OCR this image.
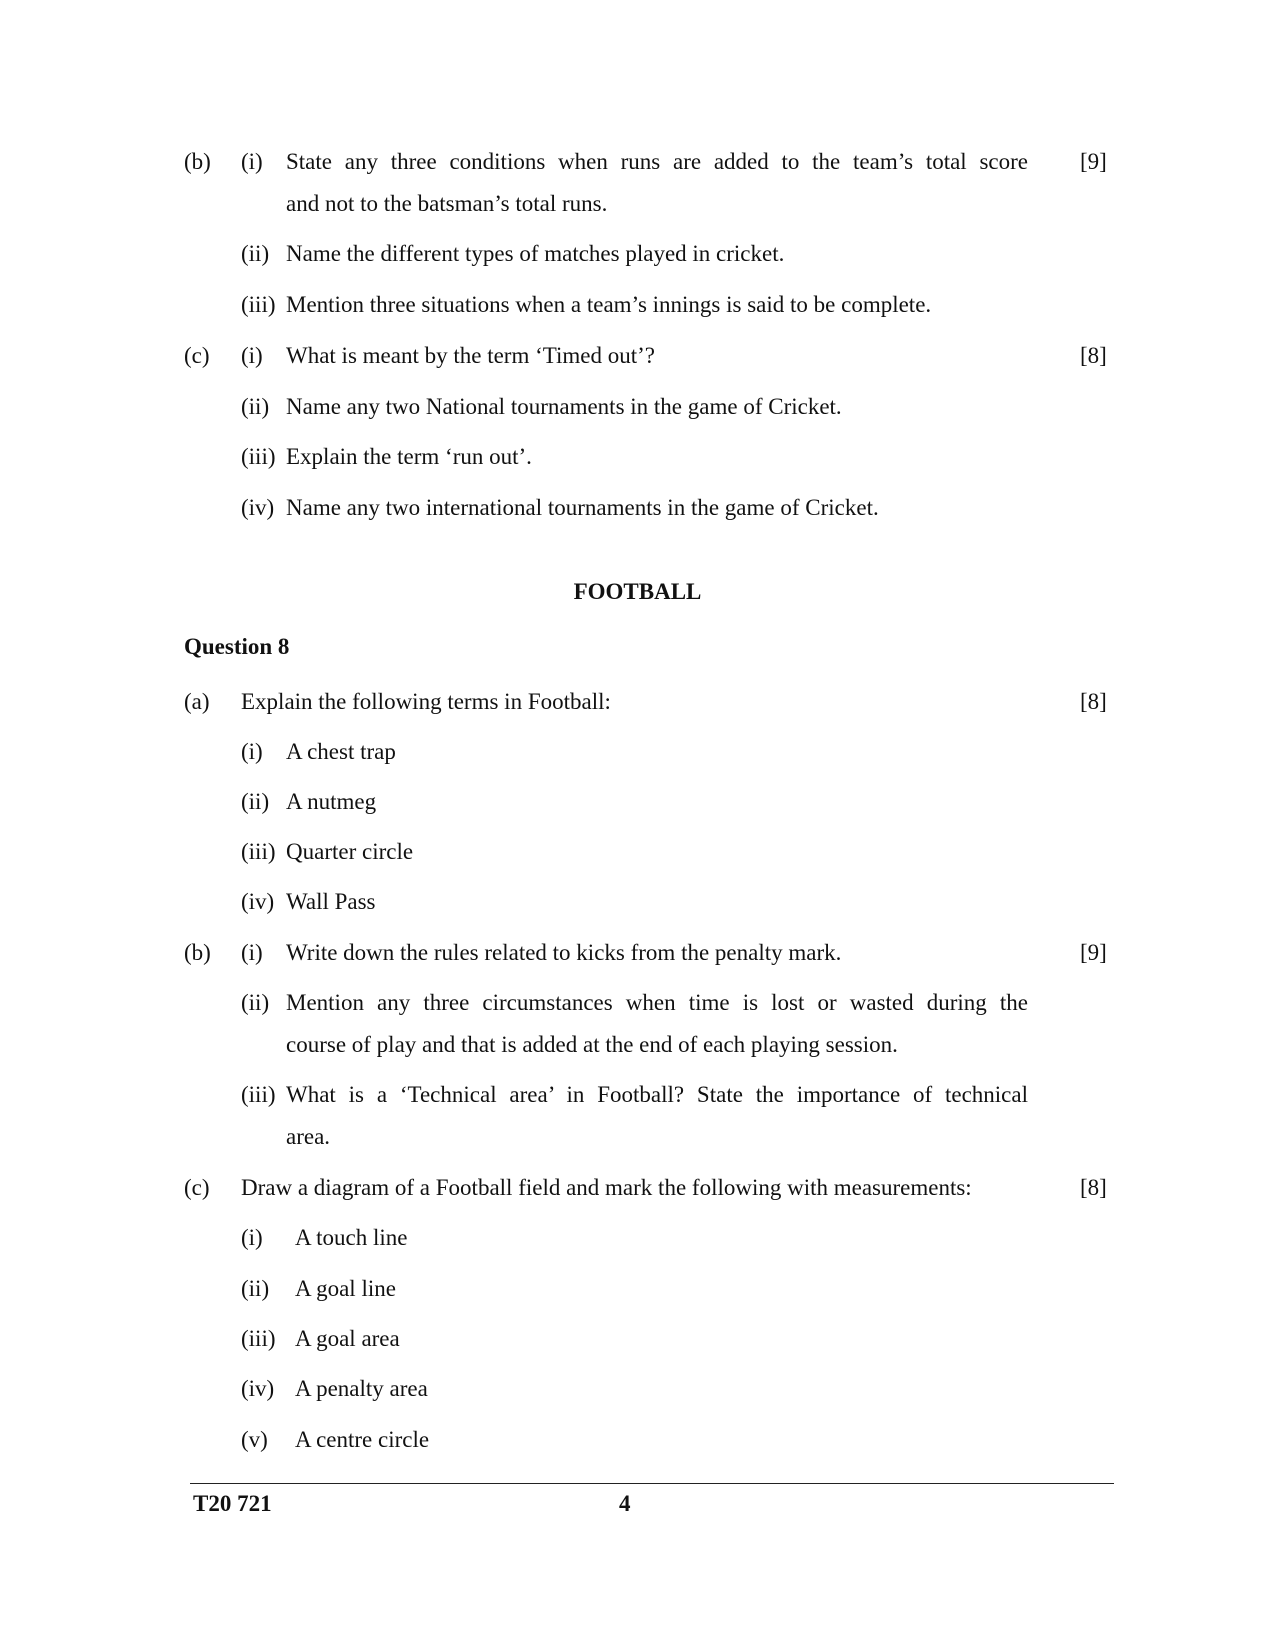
(b) (i) State any three conditions when runs are added to the team’s total score [9]
and not to the batsman’s total runs.
(ii) Name the different types of matches played in cricket.
(iii) Mention three situations when a team’s innings is said to be complete.
(c) (i) What is meant by the term ‘Timed out’?	[8]
(ii) Name any two National tournaments in the game of Cricket.
(iii) Explain the term ‘run out’.
(iv) Name any two international tournaments in the game of Cricket.
FOOTBALL
Question 8
(a) Explain the following terms in Football:	[8]
(i) A chest trap
(ii) A nutmeg
(iii) Quarter circle
(iv) Wall Pass
(b) (i) Write down the rules related to kicks from the penalty mark.	[9]
(ii) Mention any three circumstances when time is lost or wasted during the
course of play and that is added at the end of each playing session.
(iii) What is a ‘Technical area’ in Football? State the importance of technical
area.
(c) Draw a diagram of a Football field and mark the following with measurements:	[8]
(i) A touch line
(ii) A goal line
(iii) A goal area
(iv) A penalty area
(v) A centre circle
T20 721	4
